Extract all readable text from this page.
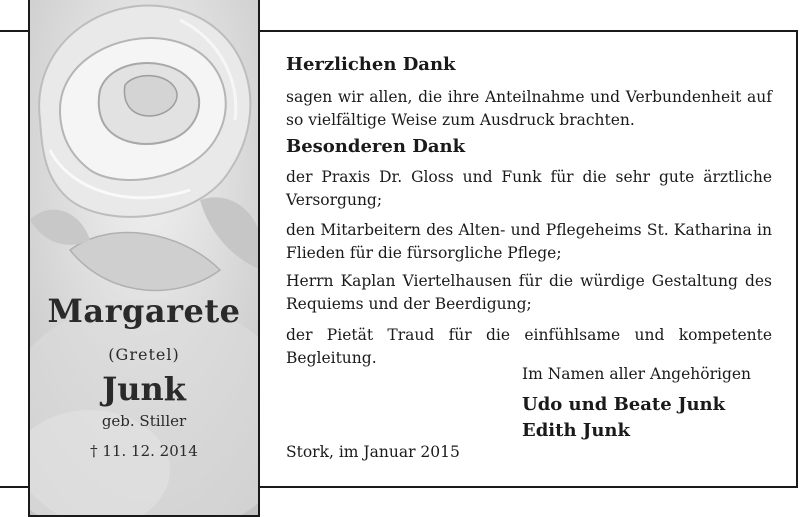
Margarete
(Gretel)
Junk
geb. Stiller
† 11. 12. 2014
Herzlichen Dank

sagen wir allen, die ihre Anteilnahme und Verbundenheit auf so vielfältige Weise zum Ausdruck brachten.

Besonderen Dank

der Praxis Dr. Gloss und Funk für die sehr gute ärztliche Versorgung;

den Mitarbeitern des Alten- und Pflegeheims St. Katharina in Flieden für die fürsorgliche Pflege;

Herrn Kaplan Viertelhausen für die würdige Gestaltung des Requiems und der Beerdigung;

der Pietät Traud für die einfühlsame und kompetente Begleitung.

Im Namen aller Angehörigen
Udo und Beate Junk
Edith Junk
Stork, im Januar 2015
